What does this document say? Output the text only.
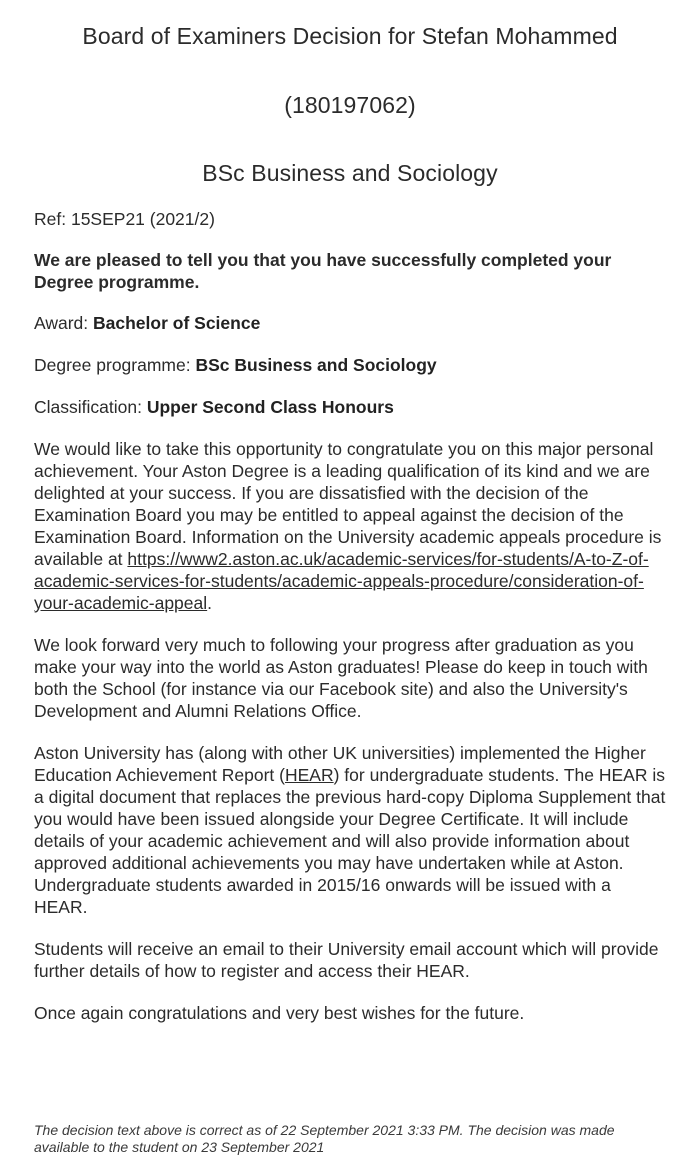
Board of Examiners Decision for Stefan Mohammed
(180197062)
BSc Business and Sociology

Ref: 15SEP21 (2021/2)

We are pleased to tell you that you have successfully completed your Degree programme.

Award: Bachelor of Science

Degree programme: BSc Business and Sociology

Classification: Upper Second Class Honours

We would like to take this opportunity to congratulate you on this major personal achievement. Your Aston Degree is a leading qualification of its kind and we are delighted at your success. If you are dissatisfied with the decision of the Examination Board you may be entitled to appeal against the decision of the Examination Board. Information on the University academic appeals procedure is available at https://www2.aston.ac.uk/academic-services/for-students/A-to-Z-of-academic-services-for-students/academic-appeals-procedure/consideration-of-your-academic-appeal.

We look forward very much to following your progress after graduation as you make your way into the world as Aston graduates! Please do keep in touch with both the School (for instance via our Facebook site) and also the University's Development and Alumni Relations Office.

Aston University has (along with other UK universities) implemented the Higher Education Achievement Report (HEAR) for undergraduate students. The HEAR is a digital document that replaces the previous hard-copy Diploma Supplement that you would have been issued alongside your Degree Certificate. It will include details of your academic achievement and will also provide information about approved additional achievements you may have undertaken while at Aston. Undergraduate students awarded in 2015/16 onwards will be issued with a HEAR.

Students will receive an email to their University email account which will provide further details of how to register and access their HEAR.

Once again congratulations and very best wishes for the future.

The decision text above is correct as of 22 September 2021 3:33 PM. The decision was made available to the student on 23 September 2021
